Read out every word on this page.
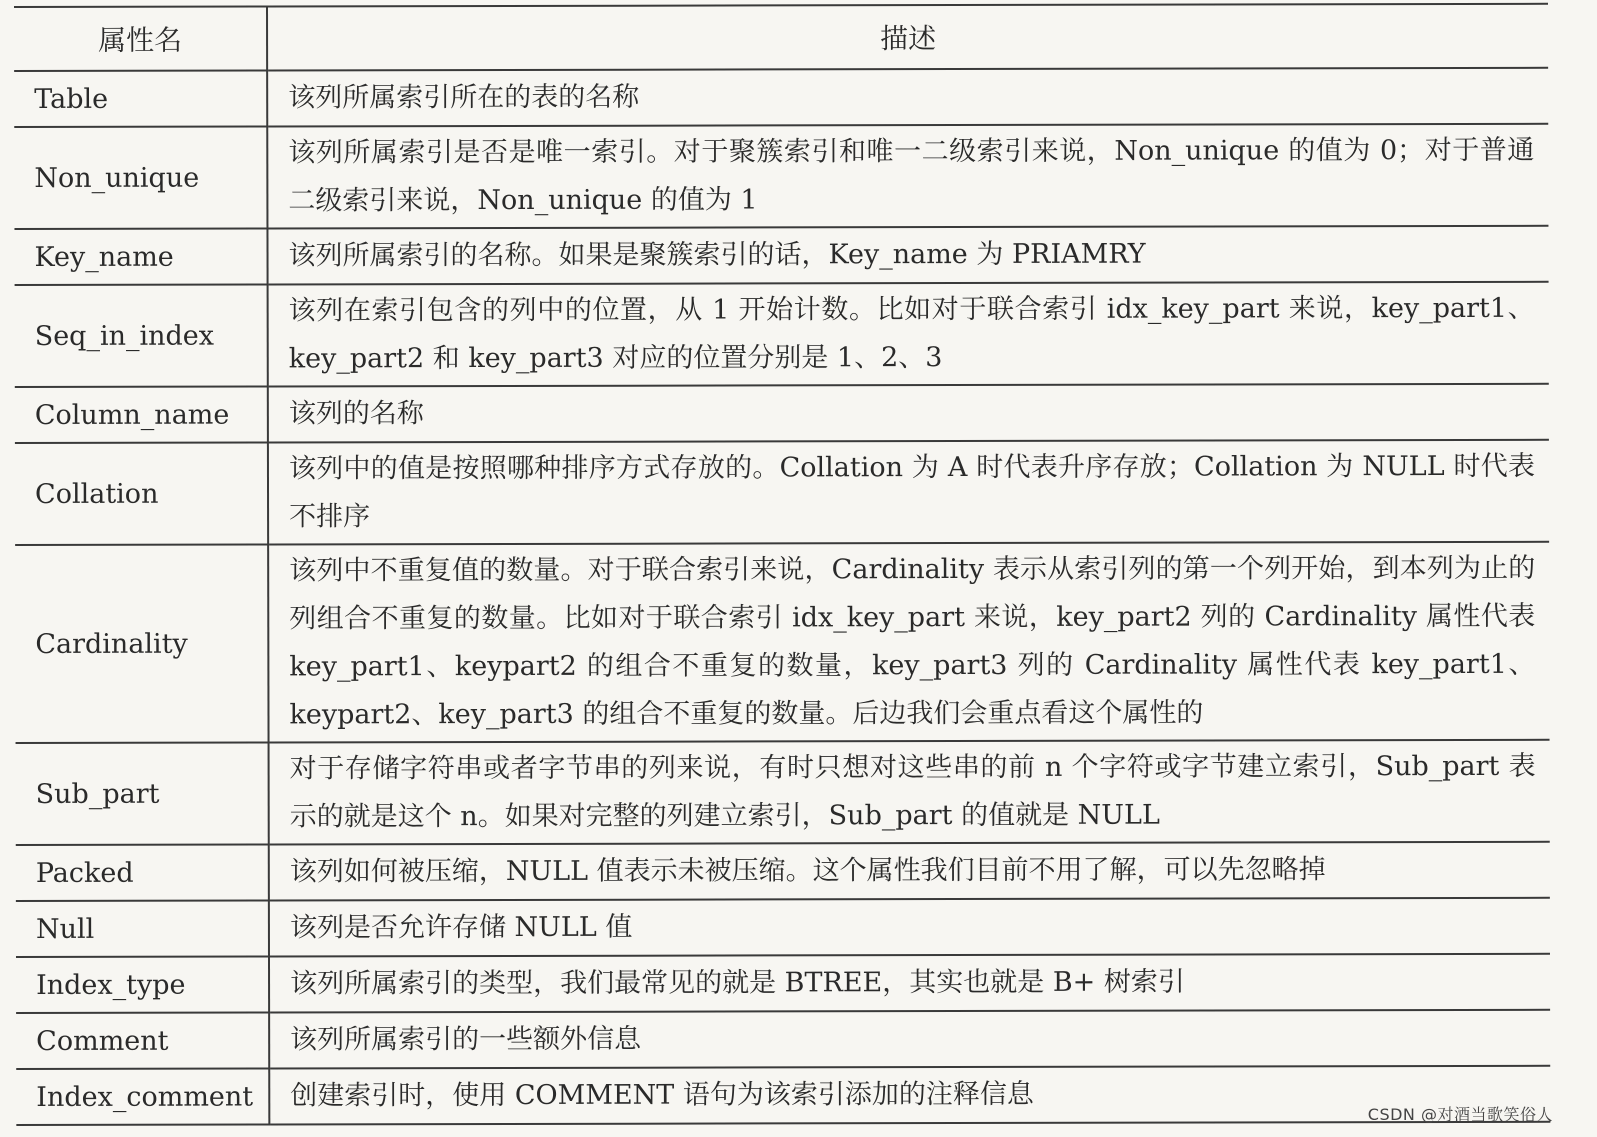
属性名	描述
Table	该列所属索引所在的表的名称
Non_unique	该列所属索引是否是唯一索引。对于聚簇索引和唯一二级索引来说，Non_unique 的值为 0；对于普通二级索引来说，Non_unique 的值为 1
Key_name	该列所属索引的名称。如果是聚簇索引的话，Key_name 为 PRIAMRY
Seq_in_index	该列在索引包含的列中的位置，从 1 开始计数。比如对于联合索引 idx_key_part 来说，key_part1、key_part2 和 key_part3 对应的位置分别是 1、2、3
Column_name	该列的名称
Collation	该列中的值是按照哪种排序方式存放的。Collation 为 A 时代表升序存放；Collation 为 NULL 时代表不排序
Cardinality	该列中不重复值的数量。对于联合索引来说，Cardinality 表示从索引列的第一个列开始，到本列为止的列组合不重复的数量。比如对于联合索引 idx_key_part 来说，key_part2 列的 Cardinality 属性代表 key_part1、keypart2 的组合不重复的数量，key_part3 列的 Cardinality 属性代表 key_part1、keypart2、key_part3 的组合不重复的数量。后边我们会重点看这个属性的
Sub_part	对于存储字符串或者字节串的列来说，有时只想对这些串的前 n 个字符或字节建立索引，Sub_part 表示的就是这个 n。如果对完整的列建立索引，Sub_part 的值就是 NULL
Packed	该列如何被压缩，NULL 值表示未被压缩。这个属性我们目前不用了解，可以先忽略掉
Null	该列是否允许存储 NULL 值
Index_type	该列所属索引的类型，我们最常见的就是 BTREE，其实也就是 B+ 树索引
Comment	该列所属索引的一些额外信息
Index_comment	创建索引时，使用 COMMENT 语句为该索引添加的注释信息
CSDN @对酒当歌笑俗人
